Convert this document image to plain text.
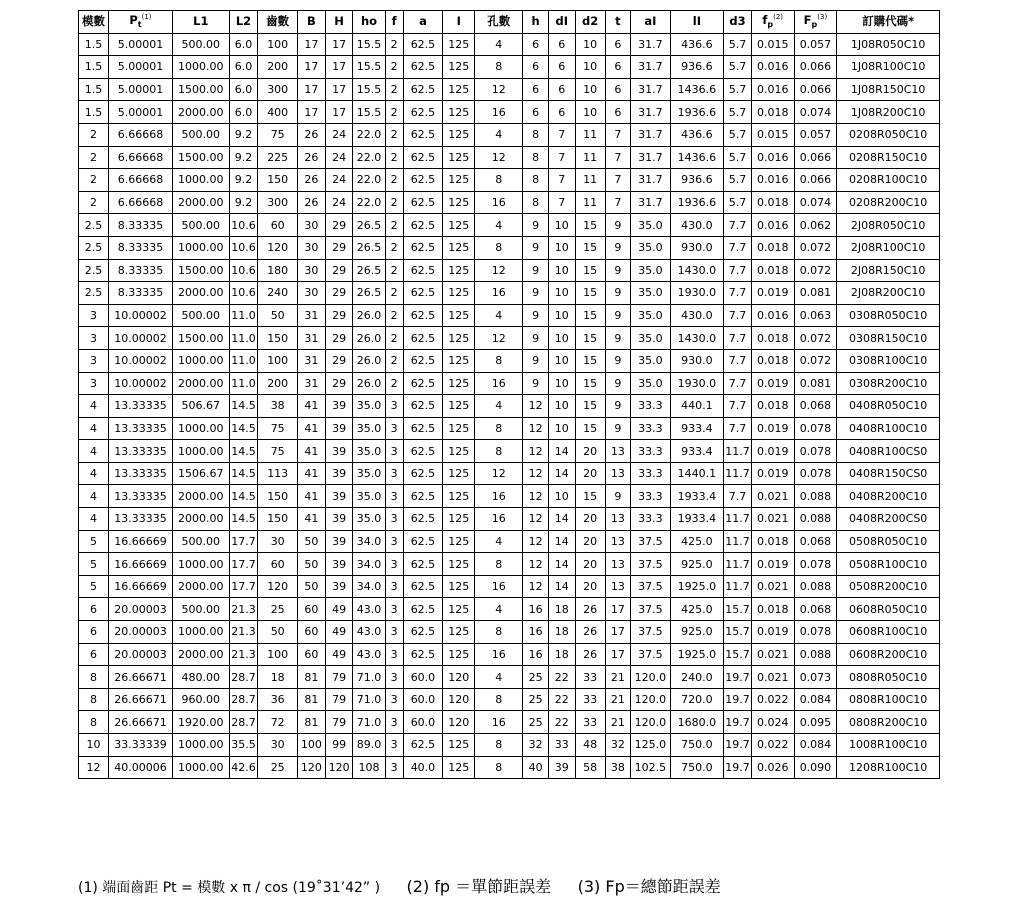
模數	$P_t^{(1)}$	L1	L2	齒數	B	H	ho	f	a	I	孔數	h	dI	d2	t	aI	lI	d3	$f_p^{(2)}$	$F_p^{(3)}$	訂購代碼*
1.5	5.00001	500.00	6.0	100	17	17	15.5	2	62.5	125	4	6	6	10	6	31.7	436.6	5.7	0.015	0.057	1J08R050C10
1.5	5.00001	1000.00	6.0	200	17	17	15.5	2	62.5	125	8	6	6	10	6	31.7	936.6	5.7	0.016	0.066	1J08R100C10
1.5	5.00001	1500.00	6.0	300	17	17	15.5	2	62.5	125	12	6	6	10	6	31.7	1436.6	5.7	0.016	0.066	1J08R150C10
1.5	5.00001	2000.00	6.0	400	17	17	15.5	2	62.5	125	16	6	6	10	6	31.7	1936.6	5.7	0.018	0.074	1J08R200C10
2	6.66668	500.00	9.2	75	26	24	22.0	2	62.5	125	4	8	7	11	7	31.7	436.6	5.7	0.015	0.057	0208R050C10
2	6.66668	1500.00	9.2	225	26	24	22.0	2	62.5	125	12	8	7	11	7	31.7	1436.6	5.7	0.016	0.066	0208R150C10
2	6.66668	1000.00	9.2	150	26	24	22.0	2	62.5	125	8	8	7	11	7	31.7	936.6	5.7	0.016	0.066	0208R100C10
2	6.66668	2000.00	9.2	300	26	24	22.0	2	62.5	125	16	8	7	11	7	31.7	1936.6	5.7	0.018	0.074	0208R200C10
2.5	8.33335	500.00	10.6	60	30	29	26.5	2	62.5	125	4	9	10	15	9	35.0	430.0	7.7	0.016	0.062	2J08R050C10
2.5	8.33335	1000.00	10.6	120	30	29	26.5	2	62.5	125	8	9	10	15	9	35.0	930.0	7.7	0.018	0.072	2J08R100C10
2.5	8.33335	1500.00	10.6	180	30	29	26.5	2	62.5	125	12	9	10	15	9	35.0	1430.0	7.7	0.018	0.072	2J08R150C10
2.5	8.33335	2000.00	10.6	240	30	29	26.5	2	62.5	125	16	9	10	15	9	35.0	1930.0	7.7	0.019	0.081	2J08R200C10
3	10.00002	500.00	11.0	50	31	29	26.0	2	62.5	125	4	9	10	15	9	35.0	430.0	7.7	0.016	0.063	0308R050C10
3	10.00002	1500.00	11.0	150	31	29	26.0	2	62.5	125	12	9	10	15	9	35.0	1430.0	7.7	0.018	0.072	0308R150C10
3	10.00002	1000.00	11.0	100	31	29	26.0	2	62.5	125	8	9	10	15	9	35.0	930.0	7.7	0.018	0.072	0308R100C10
3	10.00002	2000.00	11.0	200	31	29	26.0	2	62.5	125	16	9	10	15	9	35.0	1930.0	7.7	0.019	0.081	0308R200C10
4	13.33335	506.67	14.5	38	41	39	35.0	3	62.5	125	4	12	10	15	9	33.3	440.1	7.7	0.018	0.068	0408R050C10
4	13.33335	1000.00	14.5	75	41	39	35.0	3	62.5	125	8	12	10	15	9	33.3	933.4	7.7	0.019	0.078	0408R100C10
4	13.33335	1000.00	14.5	75	41	39	35.0	3	62.5	125	8	12	14	20	13	33.3	933.4	11.7	0.019	0.078	0408R100CS0
4	13.33335	1506.67	14.5	113	41	39	35.0	3	62.5	125	12	12	14	20	13	33.3	1440.1	11.7	0.019	0.078	0408R150CS0
4	13.33335	2000.00	14.5	150	41	39	35.0	3	62.5	125	16	12	10	15	9	33.3	1933.4	7.7	0.021	0.088	0408R200C10
4	13.33335	2000.00	14.5	150	41	39	35.0	3	62.5	125	16	12	14	20	13	33.3	1933.4	11.7	0.021	0.088	0408R200CS0
5	16.66669	500.00	17.7	30	50	39	34.0	3	62.5	125	4	12	14	20	13	37.5	425.0	11.7	0.018	0.068	0508R050C10
5	16.66669	1000.00	17.7	60	50	39	34.0	3	62.5	125	8	12	14	20	13	37.5	925.0	11.7	0.019	0.078	0508R100C10
5	16.66669	2000.00	17.7	120	50	39	34.0	3	62.5	125	16	12	14	20	13	37.5	1925.0	11.7	0.021	0.088	0508R200C10
6	20.00003	500.00	21.3	25	60	49	43.0	3	62.5	125	4	16	18	26	17	37.5	425.0	15.7	0.018	0.068	0608R050C10
6	20.00003	1000.00	21.3	50	60	49	43.0	3	62.5	125	8	16	18	26	17	37.5	925.0	15.7	0.019	0.078	0608R100C10
6	20.00003	2000.00	21.3	100	60	49	43.0	3	62.5	125	16	16	18	26	17	37.5	1925.0	15.7	0.021	0.088	0608R200C10
8	26.66671	480.00	28.7	18	81	79	71.0	3	60.0	120	4	25	22	33	21	120.0	240.0	19.7	0.021	0.073	0808R050C10
8	26.66671	960.00	28.7	36	81	79	71.0	3	60.0	120	8	25	22	33	21	120.0	720.0	19.7	0.022	0.084	0808R100C10
8	26.66671	1920.00	28.7	72	81	79	71.0	3	60.0	120	16	25	22	33	21	120.0	1680.0	19.7	0.024	0.095	0808R200C10
10	33.33339	1000.00	35.5	30	100	99	89.0	3	62.5	125	8	32	33	48	32	125.0	750.0	19.7	0.022	0.084	1008R100C10
12	40.00006	1000.00	42.6	25	120	120	108	3	40.0	125	8	40	39	58	38	102.5	750.0	19.7	0.026	0.090	1208R100C10
(1) 端面齒距 Pt = 模數 x π / cos (19˚31’42” ) (2) fp ＝單節距誤差 (3) Fp＝總節距誤差
